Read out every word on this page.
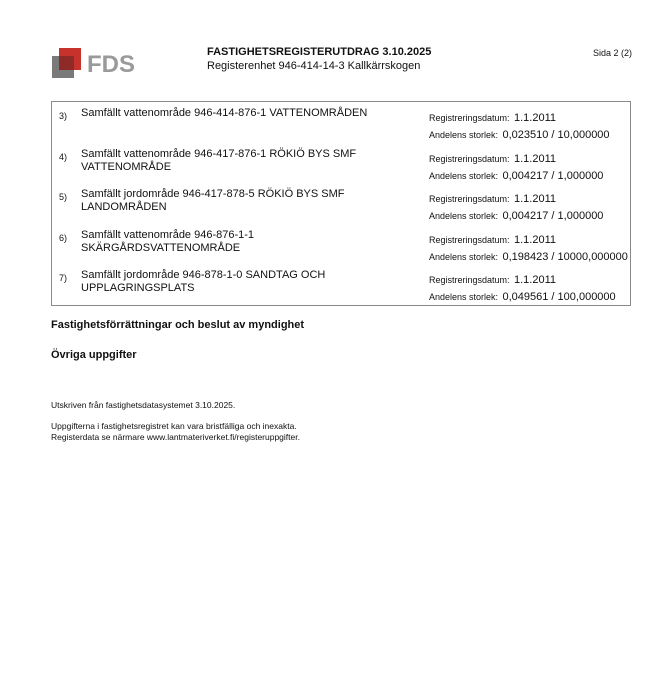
FDS	FASTIGHETSREGISTERUTDRAG 3.10.2025
Registerenhet 946-414-14-3 Kallkärrskogen
Sida 2 (2)
3) Samfällt vattenområde 946-414-876-1 VATTENOMRÅDEN	Registreringsdatum: 1.1.2011
Andelens storlek: 0,023510 / 10,000000
4) Samfällt vattenområde 946-417-876-1 RÖKIÖ BYS SMF VATTENOMRÅDE
Registreringsdatum: 1.1.2011
Andelens storlek: 0,004217 / 1,000000
5) Samfällt jordområde 946-417-878-5 RÖKIÖ BYS SMF LANDOMRÅDEN
Registreringsdatum: 1.1.2011
Andelens storlek: 0,004217 / 1,000000
6) Samfällt vattenområde 946-876-1-1 SKÄRGÅRDSVATTENOMRÅDE
Registreringsdatum: 1.1.2011
Andelens storlek: 0,198423 / 10000,000000
7) Samfällt jordområde 946-878-1-0 SANDTAG OCH UPPLAGRINGSPLATS
Registreringsdatum: 1.1.2011
Andelens storlek: 0,049561 / 100,000000
Fastighetsförrättningar och beslut av myndighet
Övriga uppgifter
Utskriven från fastighetsdatasystemet 3.10.2025.
Uppgifterna i fastighetsregistret kan vara bristfälliga och inexakta.
Registerdata se närmare www.lantmateriverket.fi/registeruppgifter.
